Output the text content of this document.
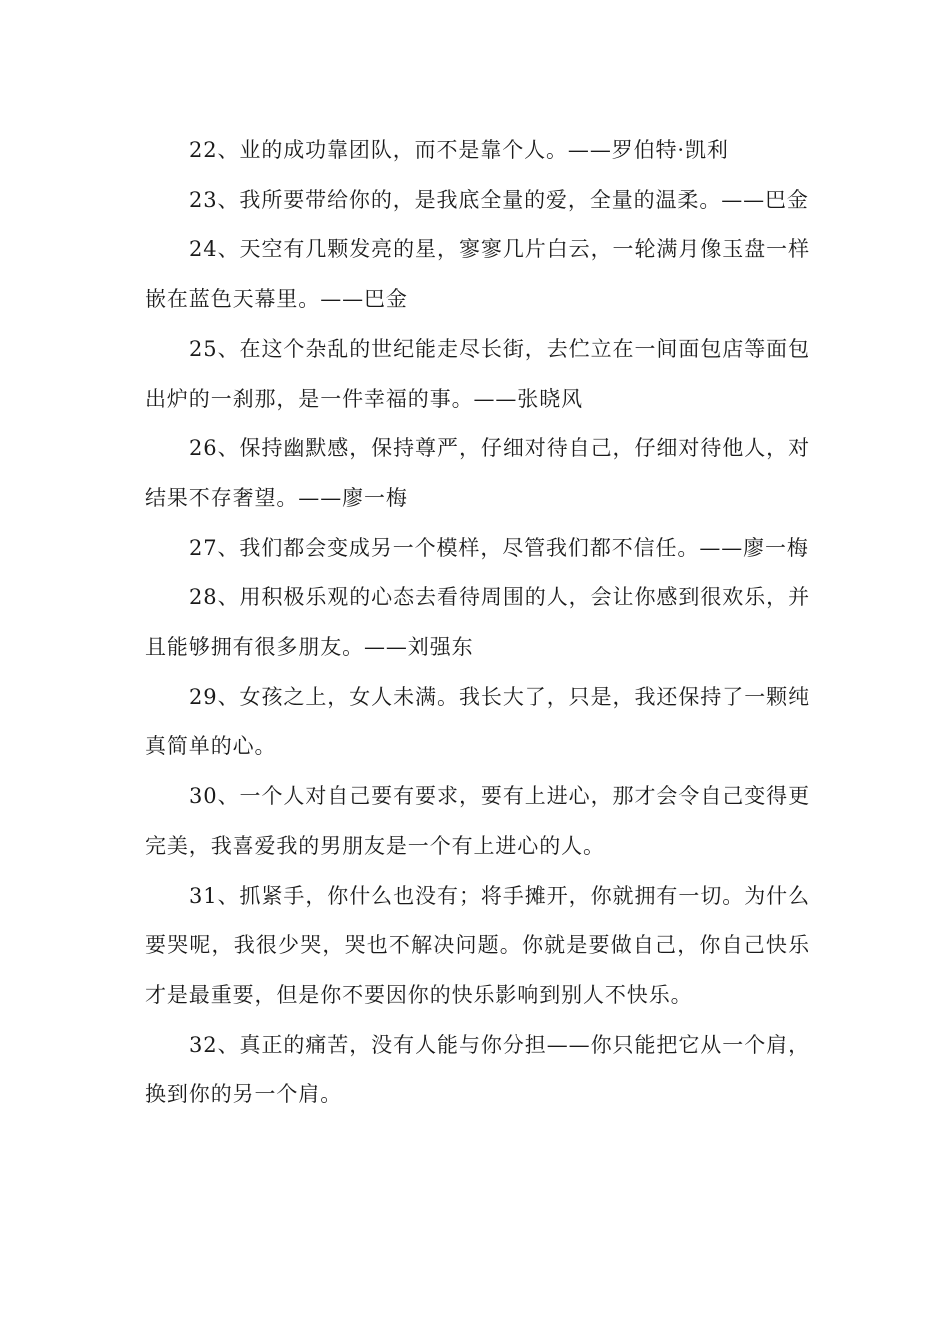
22、业的成功靠团队，而不是靠个人。——罗伯特·凯利

23、我所要带给你的，是我底全量的爱，全量的温柔。——巴金

24、天空有几颗发亮的星，寥寥几片白云，一轮满月像玉盘一样嵌在蓝色天幕里。——巴金

25、在这个杂乱的世纪能走尽长街，去伫立在一间面包店等面包出炉的一刹那，是一件幸福的事。——张晓风

26、保持幽默感，保持尊严，仔细对待自己，仔细对待他人，对结果不存奢望。——廖一梅

27、我们都会变成另一个模样，尽管我们都不信任。——廖一梅

28、用积极乐观的心态去看待周围的人，会让你感到很欢乐，并且能够拥有很多朋友。——刘强东

29、女孩之上，女人未满。我长大了，只是，我还保持了一颗纯真简单的心。

30、一个人对自己要有要求，要有上进心，那才会令自己变得更完美，我喜爱我的男朋友是一个有上进心的人。

31、抓紧手，你什么也没有；将手摊开，你就拥有一切。为什么要哭呢，我很少哭，哭也不解决问题。你就是要做自己，你自己快乐才是最重要，但是你不要因你的快乐影响到别人不快乐。

32、真正的痛苦，没有人能与你分担——你只能把它从一个肩，换到你的另一个肩。
